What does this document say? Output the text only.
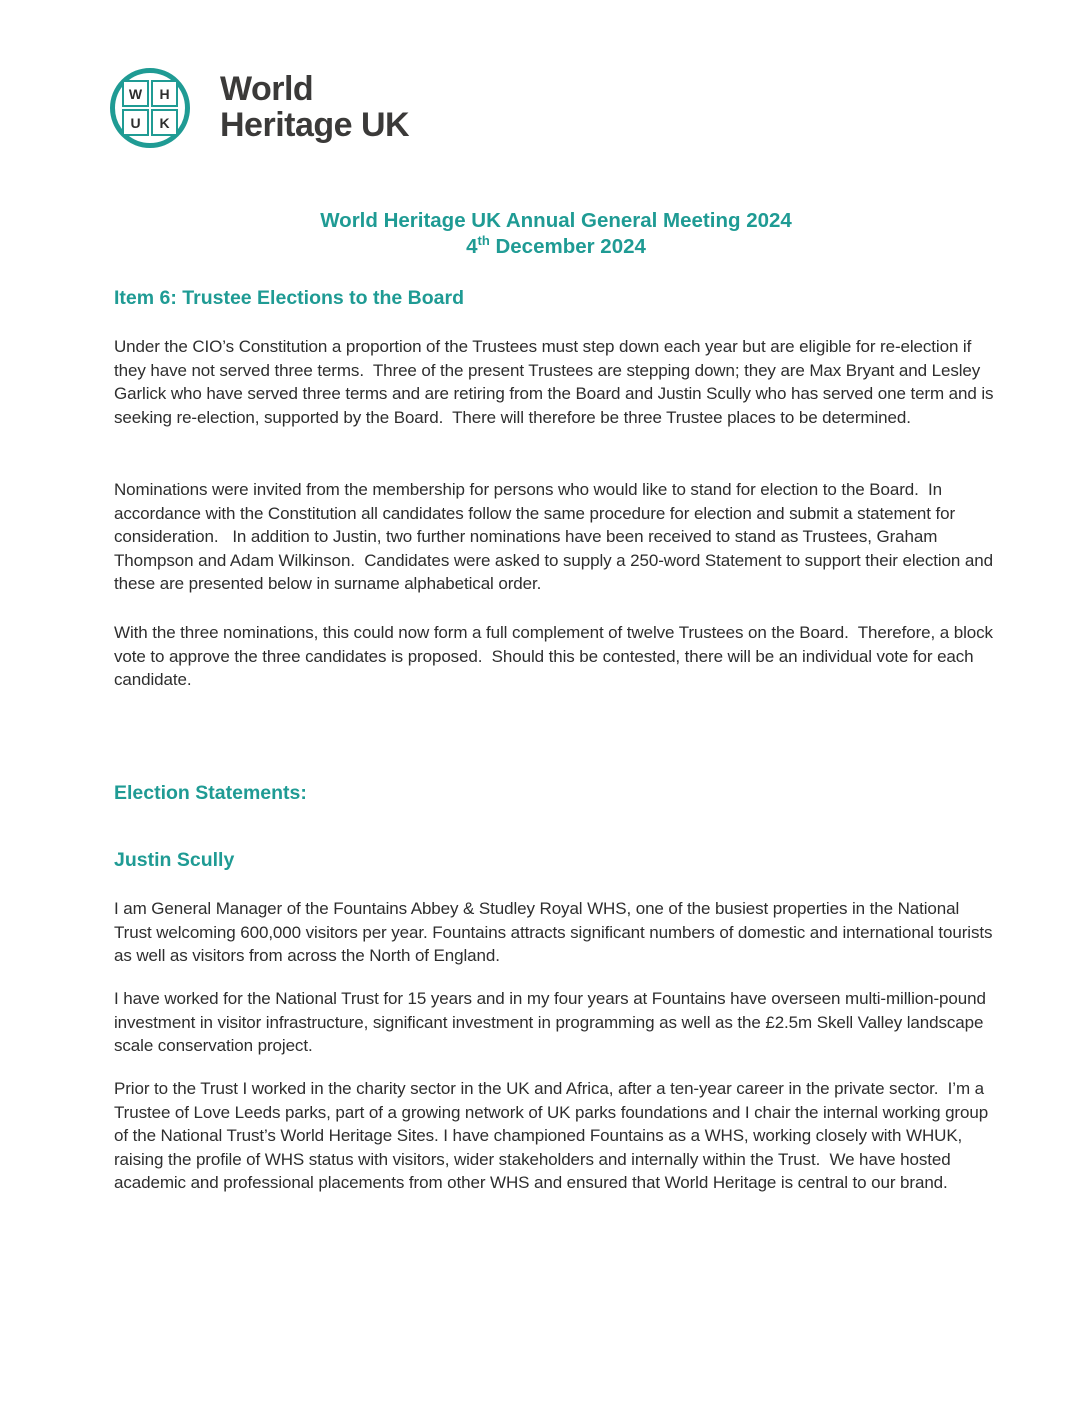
W	H
U	K
World
Heritage UK
World Heritage UK Annual General Meeting 2024
4th December 2024
Item 6: Trustee Elections to the Board

Under the CIO’s Constitution a proportion of the Trustees must step down each year but are eligible for re-election if they have not served three terms.  Three of the present Trustees are stepping down; they are Max Bryant and Lesley Garlick who have served three terms and are retiring from the Board and Justin Scully who has served one term and is seeking re-election, supported by the Board.  There will therefore be three Trustee places to be determined.

Nominations were invited from the membership for persons who would like to stand for election to the Board.  In accordance with the Constitution all candidates follow the same procedure for election and submit a statement for consideration.   In addition to Justin, two further nominations have been received to stand as Trustees, Graham Thompson and Adam Wilkinson.  Candidates were asked to supply a 250-word Statement to support their election and these are presented below in surname alphabetical order.

With the three nominations, this could now form a full complement of twelve Trustees on the Board.  Therefore, a block vote to approve the three candidates is proposed.  Should this be contested, there will be an individual vote for each candidate.

Election Statements:
Justin Scully

I am General Manager of the Fountains Abbey & Studley Royal WHS, one of the busiest properties in the National Trust welcoming 600,000 visitors per year. Fountains attracts significant numbers of domestic and international tourists as well as visitors from across the North of England.

I have worked for the National Trust for 15 years and in my four years at Fountains have overseen multi-million-pound investment in visitor infrastructure, significant investment in programming as well as the £2.5m Skell Valley landscape scale conservation project.

Prior to the Trust I worked in the charity sector in the UK and Africa, after a ten-year career in the private sector.  I’m a Trustee of Love Leeds parks, part of a growing network of UK parks foundations and I chair the internal working group of the National Trust’s World Heritage Sites. I have championed Fountains as a WHS, working closely with WHUK, raising the profile of WHS status with visitors, wider stakeholders and internally within the Trust.  We have hosted academic and professional placements from other WHS and ensured that World Heritage is central to our brand.
